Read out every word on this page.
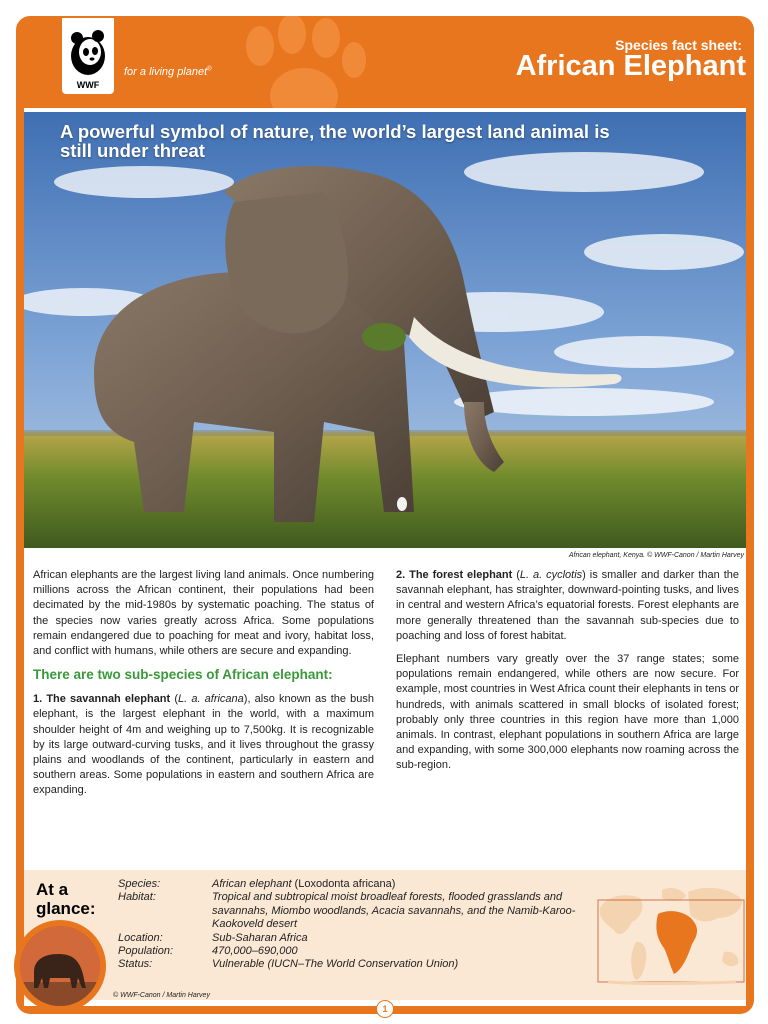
WWF
for a living planet®
Species fact sheet:
African Elephant
A powerful symbol of nature, the world’s largest land animal is still under threat
African elephant, Kenya. © WWF-Canon / Martin Harvey

African elephants are the largest living land animals. Once numbering millions across the African continent, their populations had been decimated by the mid-1980s by systematic poaching. The status of the species now varies greatly across Africa. Some populations remain endangered due to poaching for meat and ivory, habitat loss, and conflict with humans, while others are secure and expanding.

There are two sub-species of African elephant:

1. The savannah elephant (L. a. africana), also known as the bush elephant, is the largest elephant in the world, with a maximum shoulder height of 4m and weighing up to 7,500kg. It is recognizable by its large outward-curving tusks, and it lives throughout the grassy plains and woodlands of the continent, particularly in eastern and southern areas. Some populations in eastern and southern Africa are expanding.

2. The forest elephant (L. a. cyclotis) is smaller and darker than the savannah elephant, has straighter, downward-pointing tusks, and lives in central and western Africa’s equatorial forests. Forest elephants are more generally threatened than the savannah sub-species due to poaching and loss of forest habitat.

Elephant numbers vary greatly over the 37 range states; some populations remain endangered, while others are now secure. For example, most countries in West Africa count their elephants in tens or hundreds, with animals scattered in small blocks of isolated forest; probably only three countries in this region have more than 1,000 animals. In contrast, elephant populations in southern Africa are large and expanding, with some 300,000 elephants now roaming across the sub-region.

At a
glance:
Species:
Habitat:
Location:
Population:
Status:
African elephant (Loxodonta africana)
Tropical and subtropical moist broadleaf forests, flooded grasslands and savannahs, Miombo woodlands, Acacia savannahs, and the Namib-Karoo-Kaokoveld desert
Sub-Saharan Africa
470,000–690,000
Vulnerable (IUCN–The World Conservation Union)
© WWF-Canon / Martin Harvey
1
